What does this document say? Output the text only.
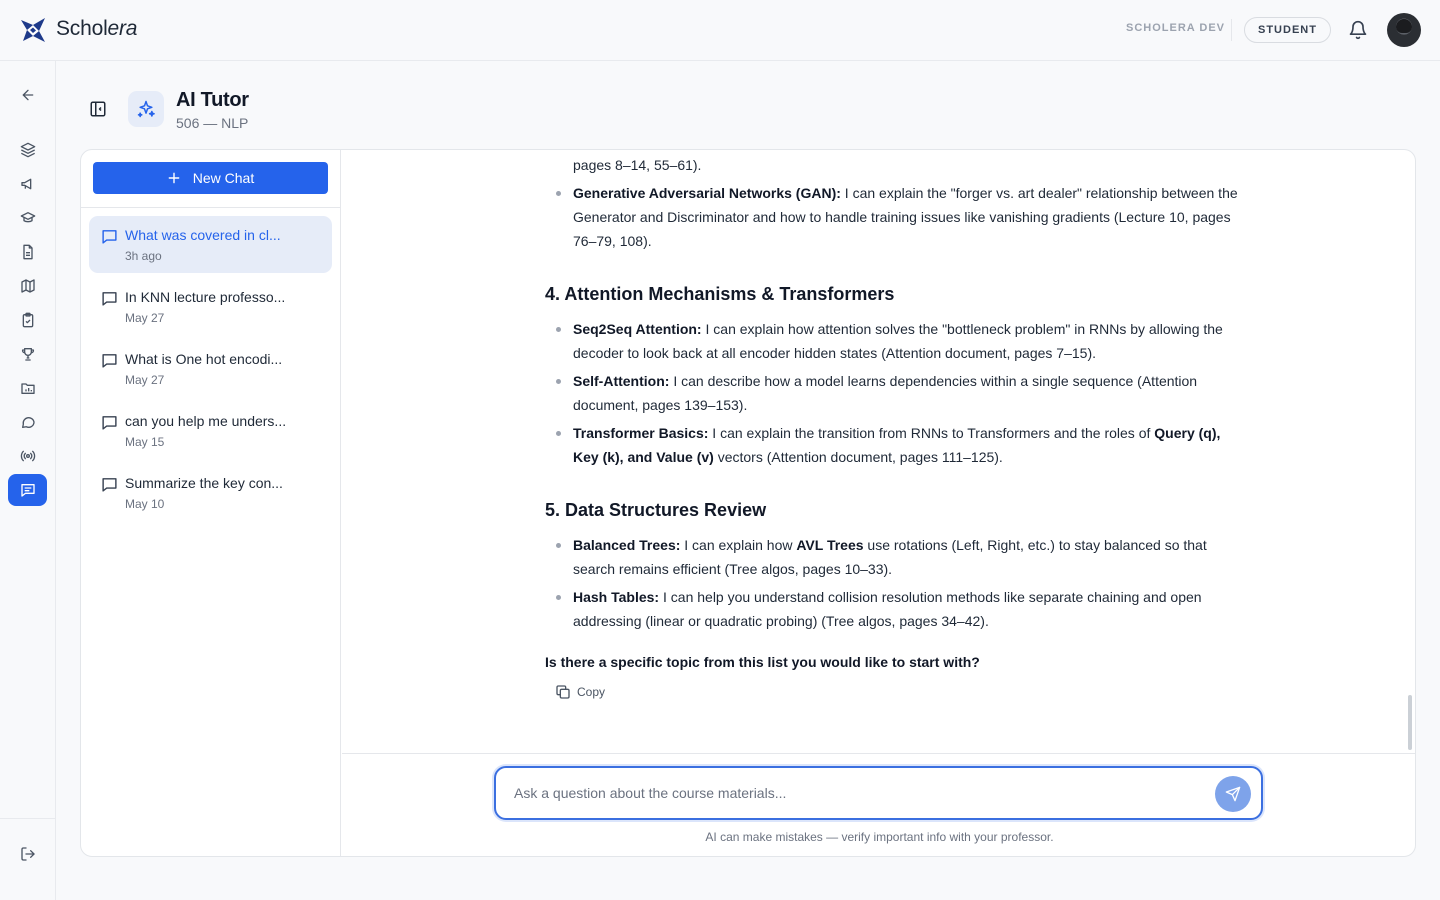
Scholera	SCHOLERA DEV	STUDENT
AI Tutor
506 — NLP
New Chat
What was covered in cl...
3h ago
In KNN lecture professo...
May 27
What is One hot encodi...
May 27
can you help me unders...
May 15
Summarize the key con...
May 10
pages 8–14, 55–61).
Generative Adversarial Networks (GAN): I can explain the "forger vs. art dealer" relationship between the Generator and Discriminator and how to handle training issues like vanishing gradients (Lecture 10, pages 76–79, 108).
4. Attention Mechanisms & Transformers
Seq2Seq Attention: I can explain how attention solves the "bottleneck problem" in RNNs by allowing the decoder to look back at all encoder hidden states (Attention document, pages 7–15).
Self-Attention: I can describe how a model learns dependencies within a single sequence (Attention document, pages 139–153).
Transformer Basics: I can explain the transition from RNNs to Transformers and the roles of Query (q), Key (k), and Value (v) vectors (Attention document, pages 111–125).
5. Data Structures Review
Balanced Trees: I can explain how AVL Trees use rotations (Left, Right, etc.) to stay balanced so that search remains efficient (Tree algos, pages 10–33).
Hash Tables: I can help you understand collision resolution methods like separate chaining and open addressing (linear or quadratic probing) (Tree algos, pages 34–42).

Is there a specific topic from this list you would like to start with?

Copy
Ask a question about the course materials...
AI can make mistakes — verify important info with your professor.
